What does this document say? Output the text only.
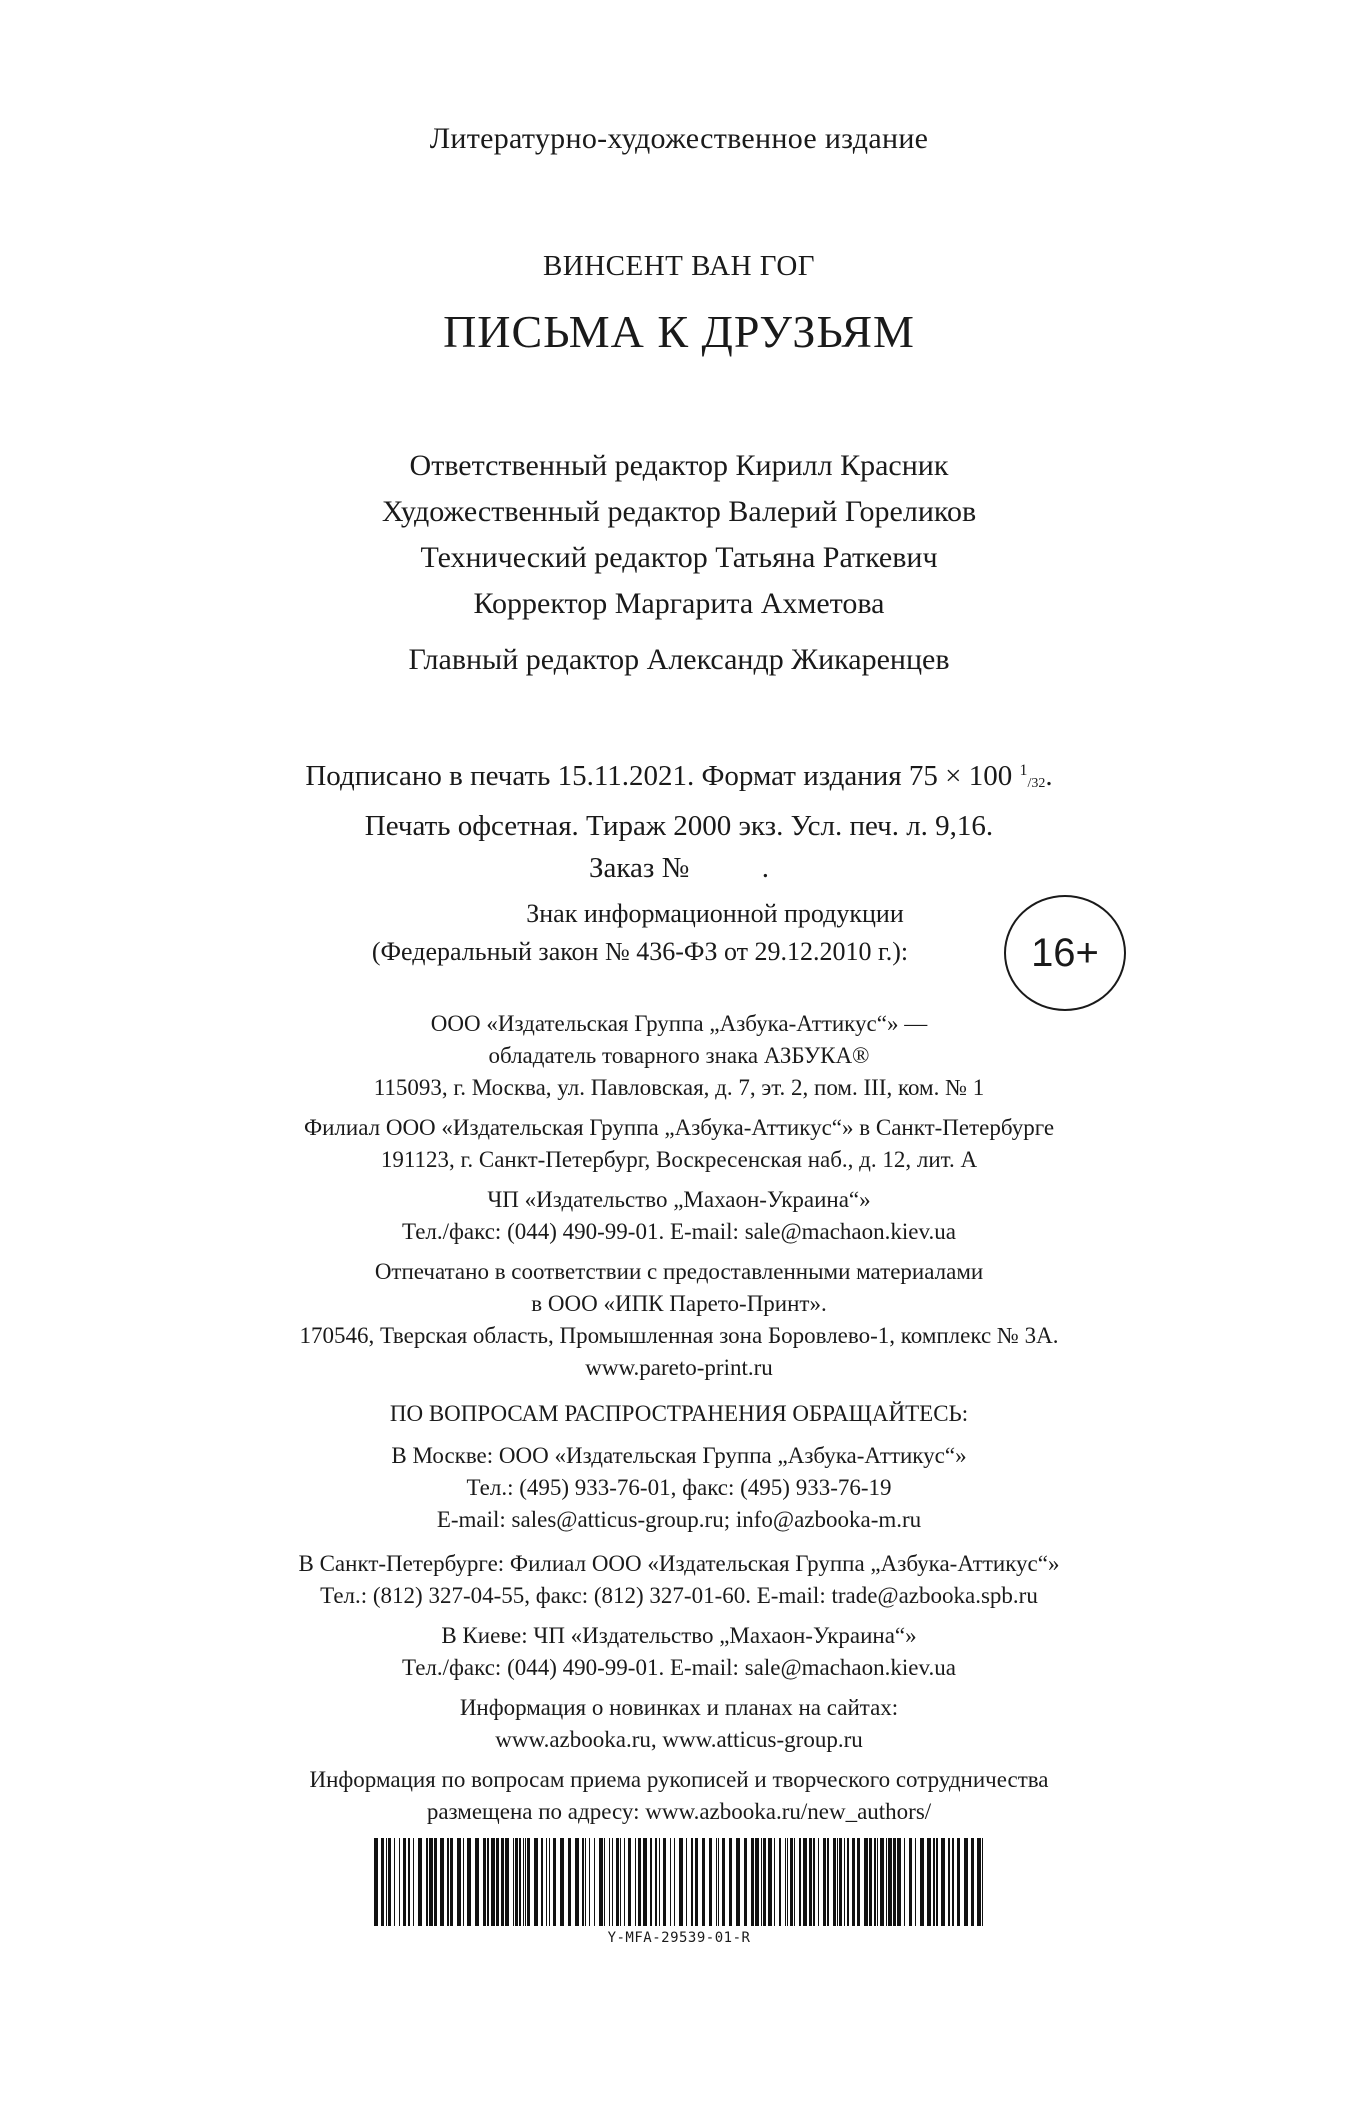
Литературно-художественное издание
ВИНСЕНТ ВАН ГОГ
ПИСЬМА К ДРУЗЬЯМ
Ответственный редактор Кирилл Красник
Художественный редактор Валерий Гореликов
Технический редактор Татьяна Раткевич
Корректор Маргарита Ахметова
Главный редактор Александр Жикаренцев
Подписано в печать 15.11.2021. Формат издания 75 × 100 $^1$/32.
Печать офсетная. Тираж 2000 экз. Усл. печ. л. 9,16.
Заказ №          .
Знак информационной продукции
(Федеральный закон № 436-ФЗ от 29.12.2010 г.):	16+
ООО «Издательская Группа „Азбука-Аттикус“» —
обладатель товарного знака АЗБУКА®
115093, г. Москва, ул. Павловская, д. 7, эт. 2, пом. III, ком. № 1
Филиал ООО «Издательская Группа „Азбука-Аттикус“» в Санкт-Петербурге
191123, г. Санкт-Петербург, Воскресенская наб., д. 12, лит. А
ЧП «Издательство „Махаон-Украина“»
Тел./факс: (044) 490-99-01. E-mail: sale@machaon.kiev.ua
Отпечатано в соответствии с предоставленными материалами
в ООО «ИПК Парето-Принт».
170546, Тверская область, Промышленная зона Боровлево-1, комплекс № 3А.
www.pareto-print.ru
ПО ВОПРОСАМ РАСПРОСТРАНЕНИЯ ОБРАЩАЙТЕСЬ:
В Москве: ООО «Издательская Группа „Азбука-Аттикус“»
Тел.: (495) 933-76-01, факс: (495) 933-76-19
E-mail: sales@atticus-group.ru; info@azbooka-m.ru
В Санкт-Петербурге: Филиал ООО «Издательская Группа „Азбука-Аттикус“»
Тел.: (812) 327-04-55, факс: (812) 327-01-60. E-mail: trade@azbooka.spb.ru
В Киеве: ЧП «Издательство „Махаон-Украина“»
Тел./факс: (044) 490-99-01. E-mail: sale@machaon.kiev.ua
Информация о новинках и планах на сайтах:
www.azbooka.ru, www.atticus-group.ru
Информация по вопросам приема рукописей и творческого сотрудничества
размещена по адресу: www.azbooka.ru/new_authors/
Y-MFA-29539-01-R
